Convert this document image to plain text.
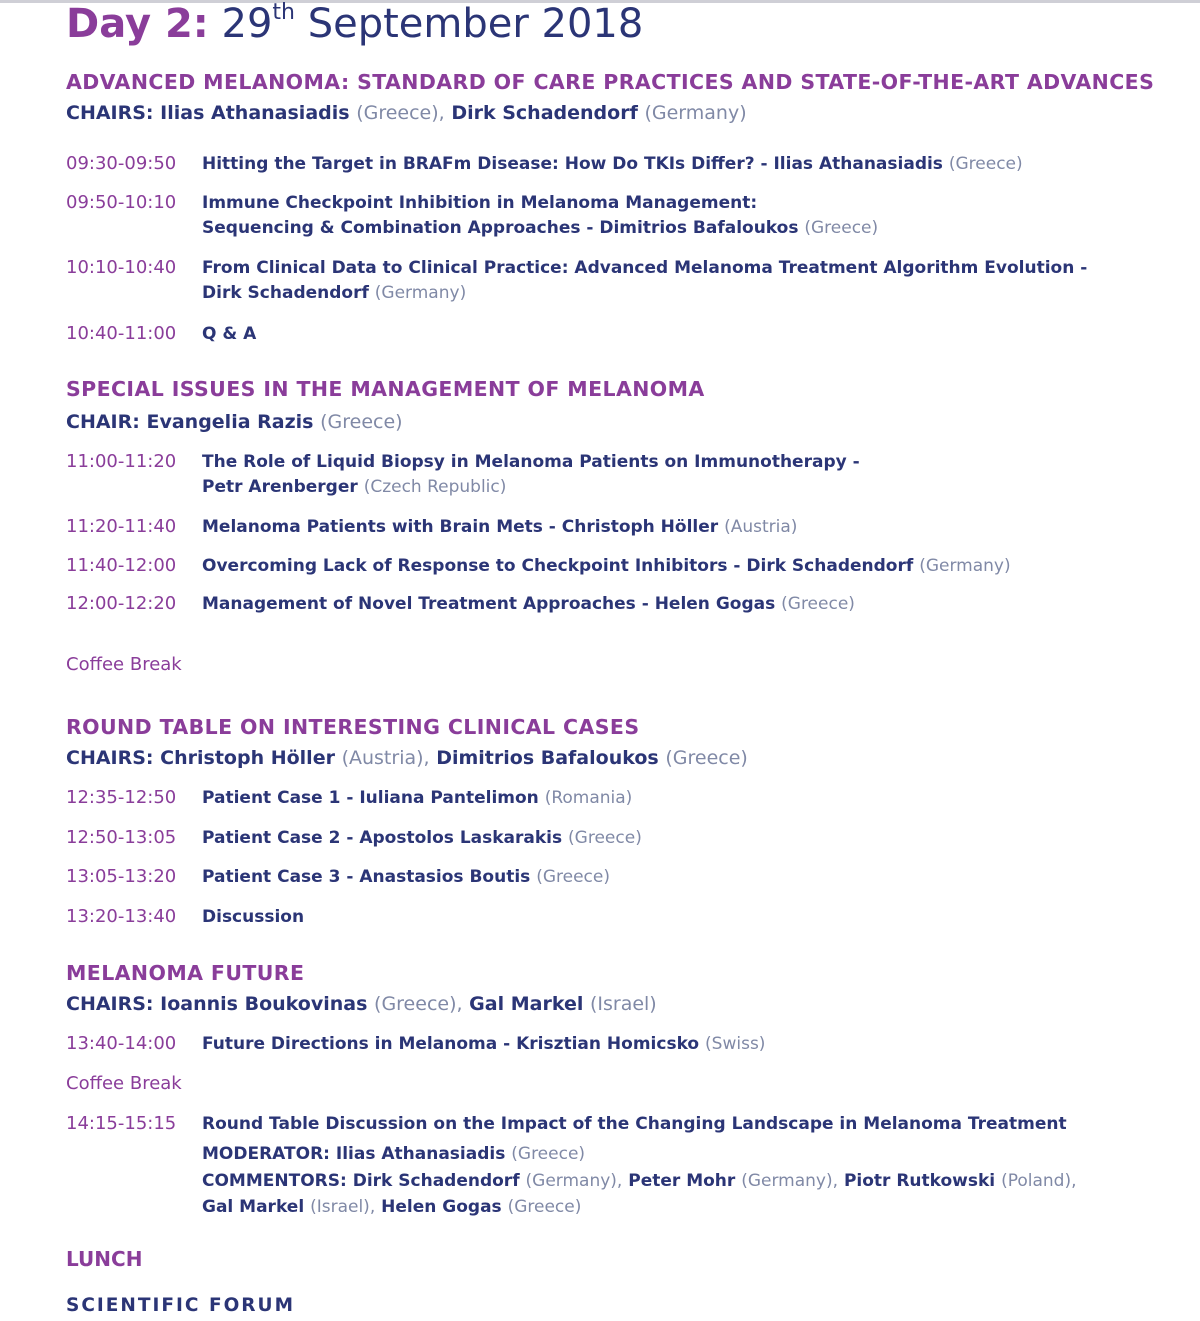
Day 2: 29th September 2018
ADVANCED MELANOMA: STANDARD OF CARE PRACTICES AND STATE-OF-THE-ART ADVANCES
CHAIRS: Ilias Athanasiadis (Greece), Dirk Schadendorf (Germany)
09:30-09:50 Hitting the Target in BRAFm Disease: How Do TKIs Differ? - Ilias Athanasiadis (Greece)
09:50-10:10 Immune Checkpoint Inhibition in Melanoma Management:
Sequencing & Combination Approaches - Dimitrios Bafaloukos (Greece)
10:10-10:40 From Clinical Data to Clinical Practice: Advanced Melanoma Treatment Algorithm Evolution -
Dirk Schadendorf (Germany)
10:40-11:00 Q & A
SPECIAL ISSUES IN THE MANAGEMENT OF MELANOMA
CHAIR: Evangelia Razis (Greece)
11:00-11:20 The Role of Liquid Biopsy in Melanoma Patients on Immunotherapy -
Petr Arenberger (Czech Republic)
11:20-11:40 Melanoma Patients with Brain Mets - Christoph Höller (Austria)
11:40-12:00 Overcoming Lack of Response to Checkpoint Inhibitors - Dirk Schadendorf (Germany)
12:00-12:20 Management of Novel Treatment Approaches - Helen Gogas (Greece)
Coffee Break
ROUND TABLE ON INTERESTING CLINICAL CASES
CHAIRS: Christoph Höller (Austria), Dimitrios Bafaloukos (Greece)
12:35-12:50 Patient Case 1 - Iuliana Pantelimon (Romania)
12:50-13:05 Patient Case 2 - Apostolos Laskarakis (Greece)
13:05-13:20 Patient Case 3 - Anastasios Boutis (Greece)
13:20-13:40 Discussion
MELANOMA FUTURE
CHAIRS: Ioannis Boukovinas (Greece), Gal Markel (Israel)
13:40-14:00 Future Directions in Melanoma - Krisztian Homicsko (Swiss)
Coffee Break
14:15-15:15 Round Table Discussion on the Impact of the Changing Landscape in Melanoma Treatment
MODERATOR: Ilias Athanasiadis (Greece)
COMMENTORS: Dirk Schadendorf (Germany), Peter Mohr (Germany), Piotr Rutkowski (Poland),
Gal Markel (Israel), Helen Gogas (Greece)
LUNCH
SCIENTIFIC FORUM
